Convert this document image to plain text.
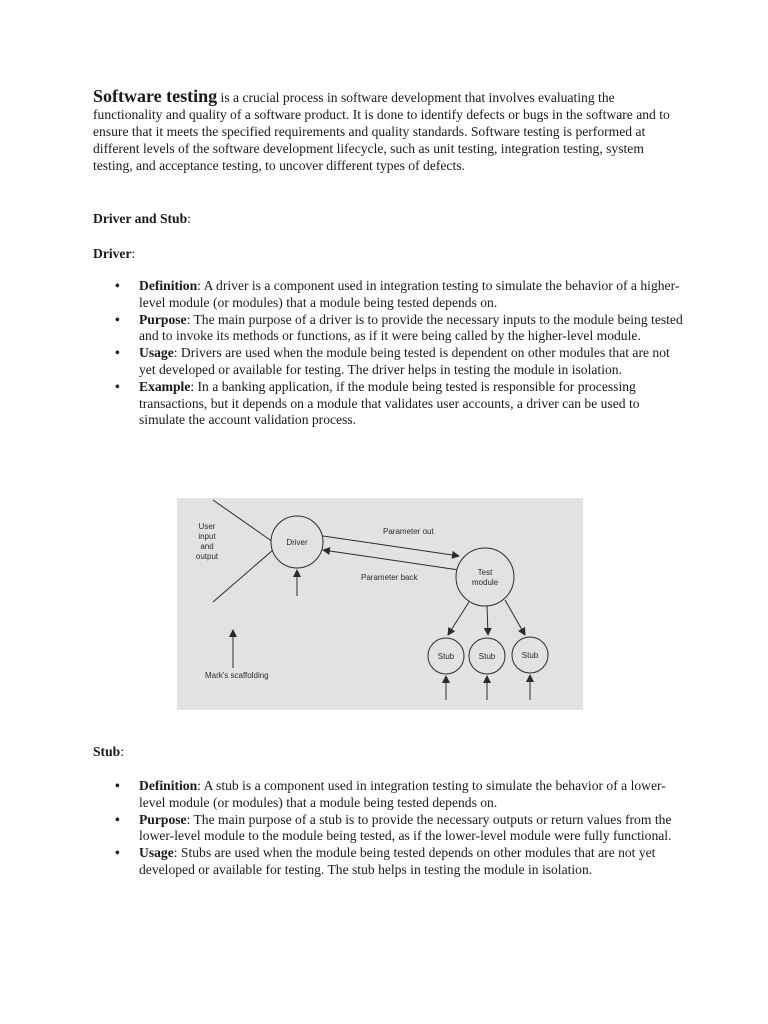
Software testing is a crucial process in software development that involves evaluating the functionality and quality of a software product. It is done to identify defects or bugs in the software and to ensure that it meets the specified requirements and quality standards. Software testing is performed at different levels of the software development lifecycle, such as unit testing, integration testing, system testing, and acceptance testing, to uncover different types of defects.

Driver and Stub:

Driver:

• Definition: A driver is a component used in integration testing to simulate the behavior of a higher-level module (or modules) that a module being tested depends on.
• Purpose: The main purpose of a driver is to provide the necessary inputs to the module being tested and to invoke its methods or functions, as if it were being called by the higher-level module.
• Usage: Drivers are used when the module being tested is dependent on other modules that are not yet developed or available for testing. The driver helps in testing the module in isolation.
• Example: In a banking application, if the module being tested is responsible for processing transactions, but it depends on a module that validates user accounts, a driver can be used to simulate the account validation process.
User
input
and
output
Driver
Parameter out
Parameter back
Test
module
Stub	Stub	Stub
Mark's scaffolding

Stub:

• Definition: A stub is a component used in integration testing to simulate the behavior of a lower-level module (or modules) that a module being tested depends on.
• Purpose: The main purpose of a stub is to provide the necessary outputs or return values from the lower-level module to the module being tested, as if the lower-level module were fully functional.
• Usage: Stubs are used when the module being tested depends on other modules that are not yet developed or available for testing. The stub helps in testing the module in isolation.
